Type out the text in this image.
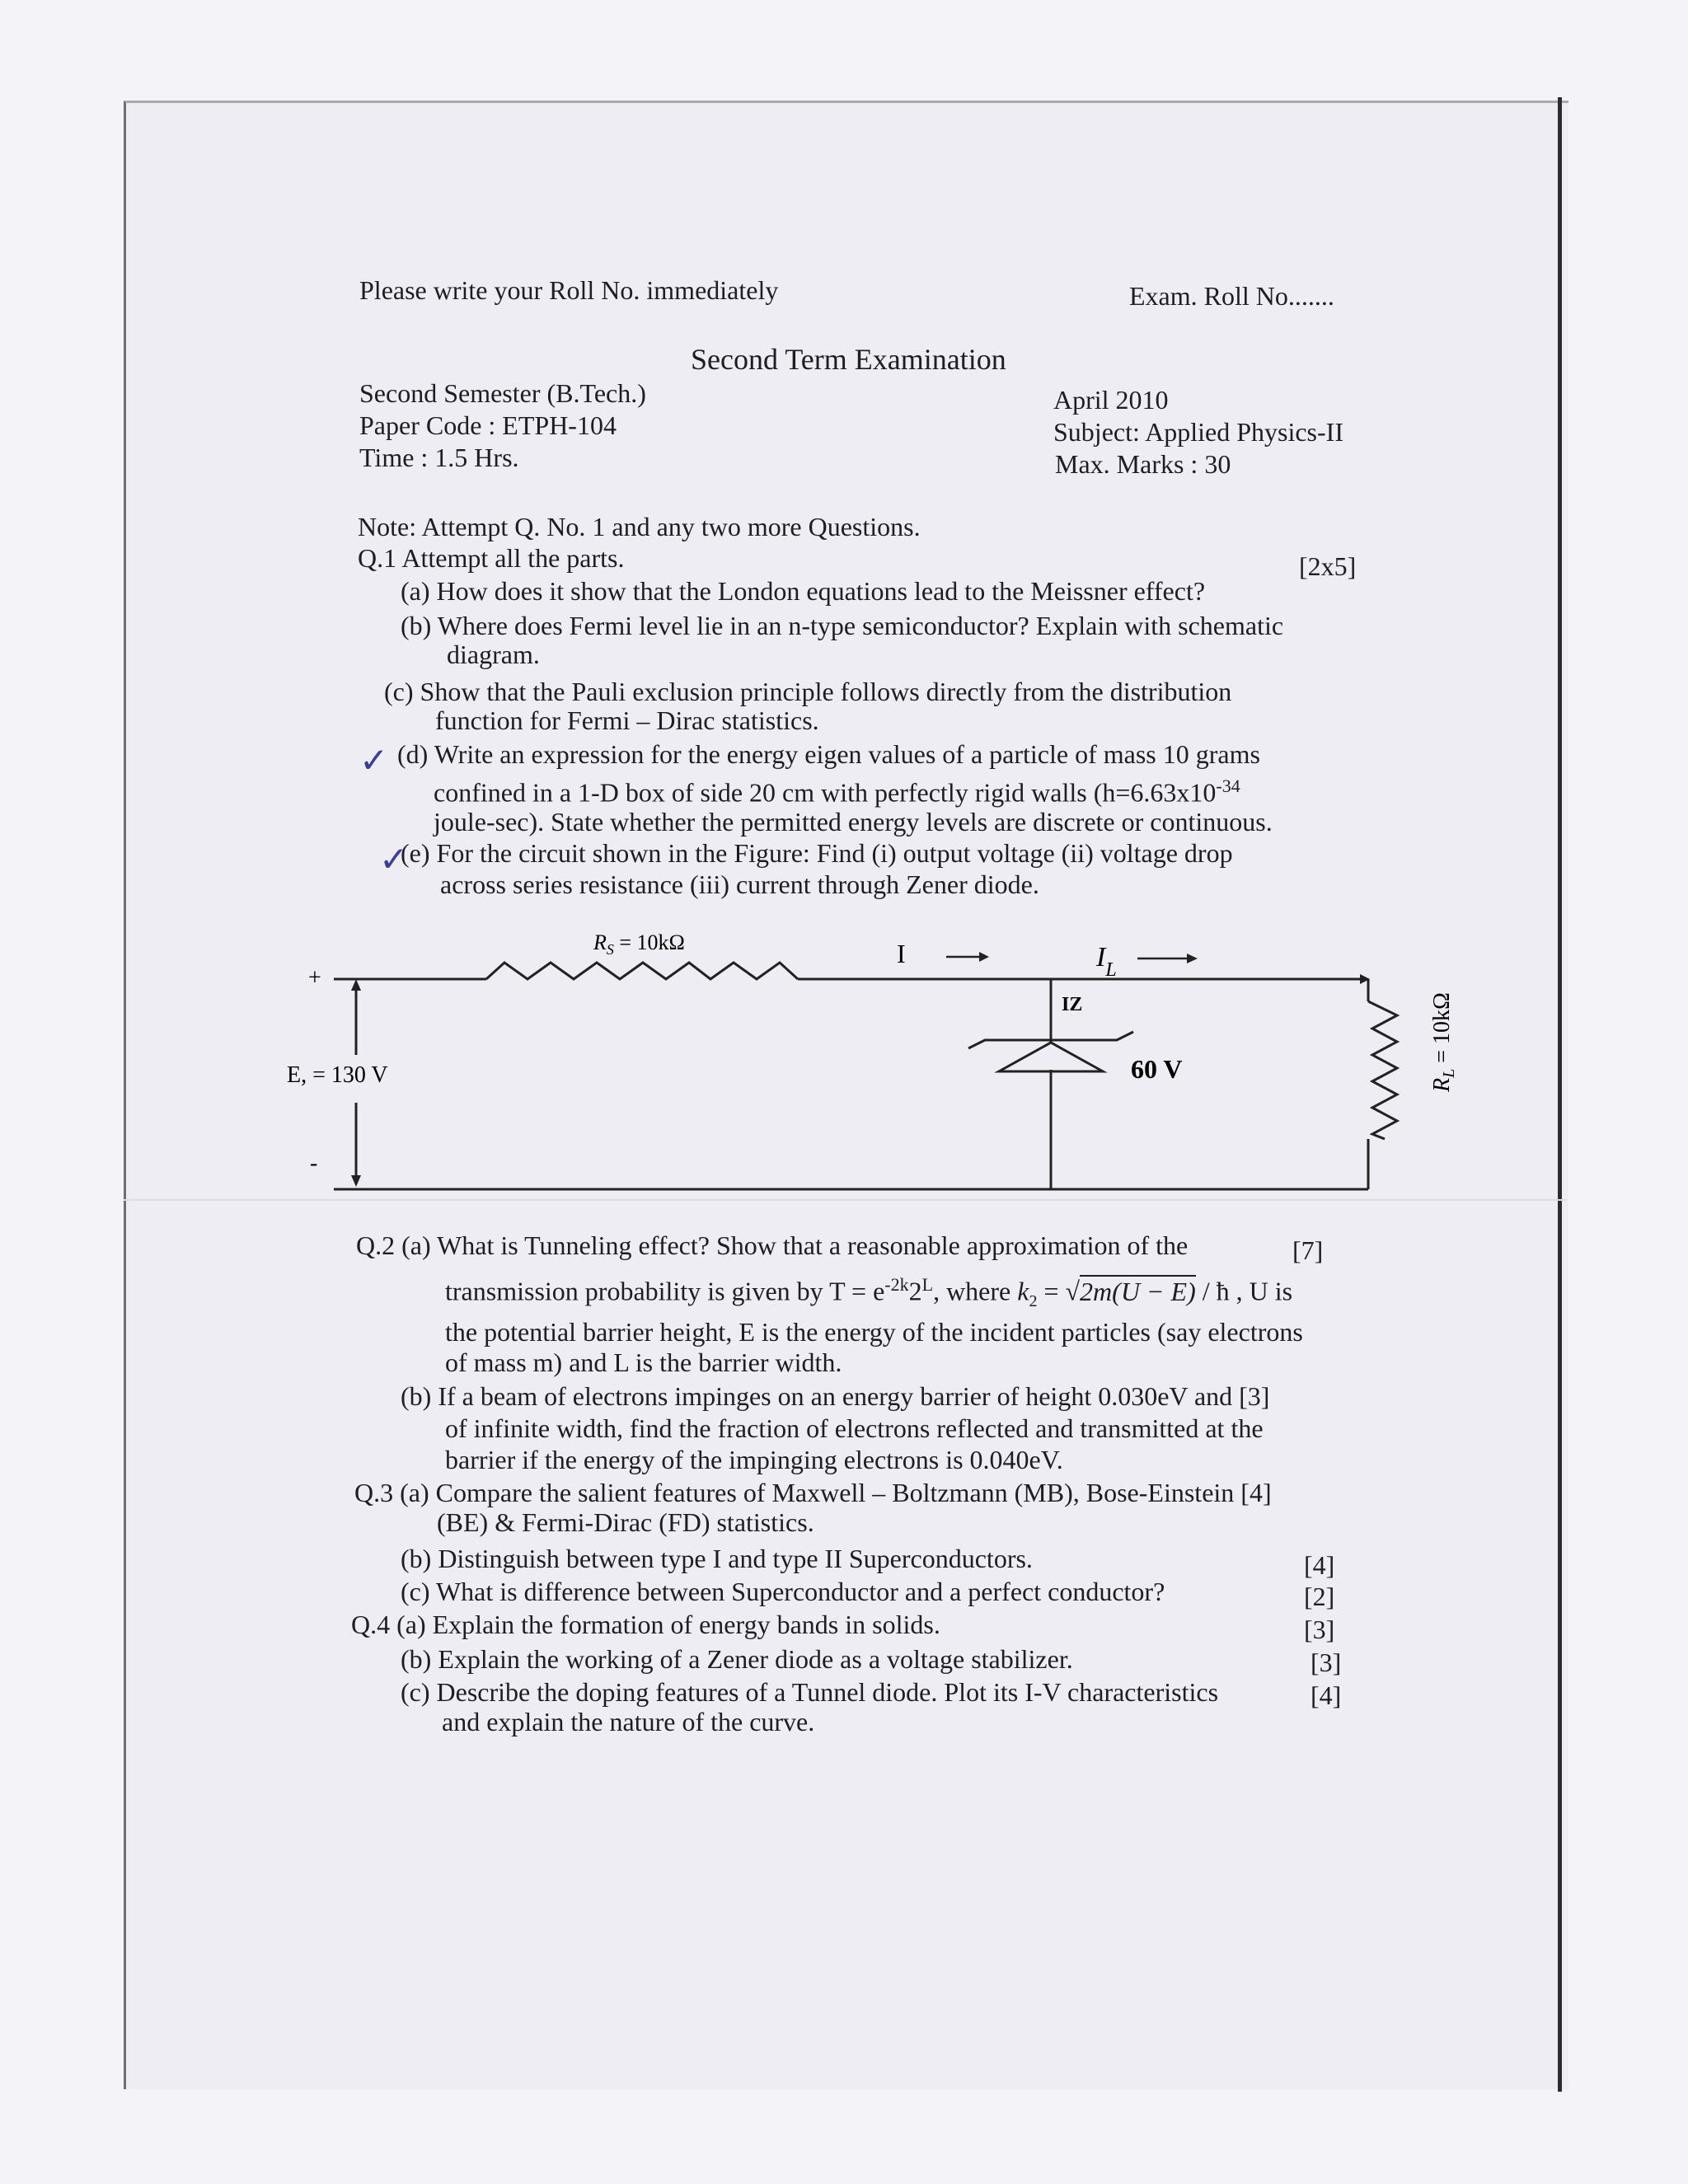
Please write your Roll No. immediately	Exam. Roll No.......
Second Term Examination
Second Semester (B.Tech.)
Paper Code : ETPH-104
Time : 1.5 Hrs.
April 2010
Subject: Applied Physics-II
Max. Marks : 30
Note: Attempt Q. No. 1 and any two more Questions.
Q.1 Attempt all the parts.	[2x5]
(a) How does it show that the London equations lead to the Meissner effect?
(b) Where does Fermi level lie in an n-type semiconductor? Explain with schematic
diagram.
(c) Show that the Pauli exclusion principle follows directly from the distribution
function for Fermi – Dirac statistics.
✓ (d) Write an expression for the energy eigen values of a particle of mass 10 grams
confined in a 1-D box of side 20 cm with perfectly rigid walls ($h=6.63x10^{-34}$
joule-sec). State whether the permitted energy levels are discrete or continuous.
✓
(e) For the circuit shown in the Figure: Find (i) output voltage (ii) voltage drop
across series resistance (iii) current through Zener diode.
$R_S = 10k\Omega$	I	$I_L$
IZ
60 V
E, = 130 V
+
-
$R_L = 10k\Omega$
Q.2 (a) What is Tunneling effect? Show that a reasonable approximation of the	[7]
transmission probability is given by $T = e^{-2k}2^L$, where $k_2 = √2m(U - E)$ / ħ , U is
the potential barrier height, E is the energy of the incident particles (say electrons
of mass m) and L is the barrier width.
(b) If a beam of electrons impinges on an energy barrier of height 0.030eV and [3]
of infinite width, find the fraction of electrons reflected and transmitted at the
barrier if the energy of the impinging electrons is 0.040eV.
Q.3 (a) Compare the salient features of Maxwell – Boltzmann (MB), Bose-Einstein [4]
(BE) & Fermi-Dirac (FD) statistics.
(b) Distinguish between type I and type II Superconductors.	[4]
(c) What is difference between Superconductor and a perfect conductor?	[2]
Q.4 (a) Explain the formation of energy bands in solids.	[3]
(b) Explain the working of a Zener diode as a voltage stabilizer.	[3]
(c) Describe the doping features of a Tunnel diode. Plot its I-V characteristics	[4]
and explain the nature of the curve.
